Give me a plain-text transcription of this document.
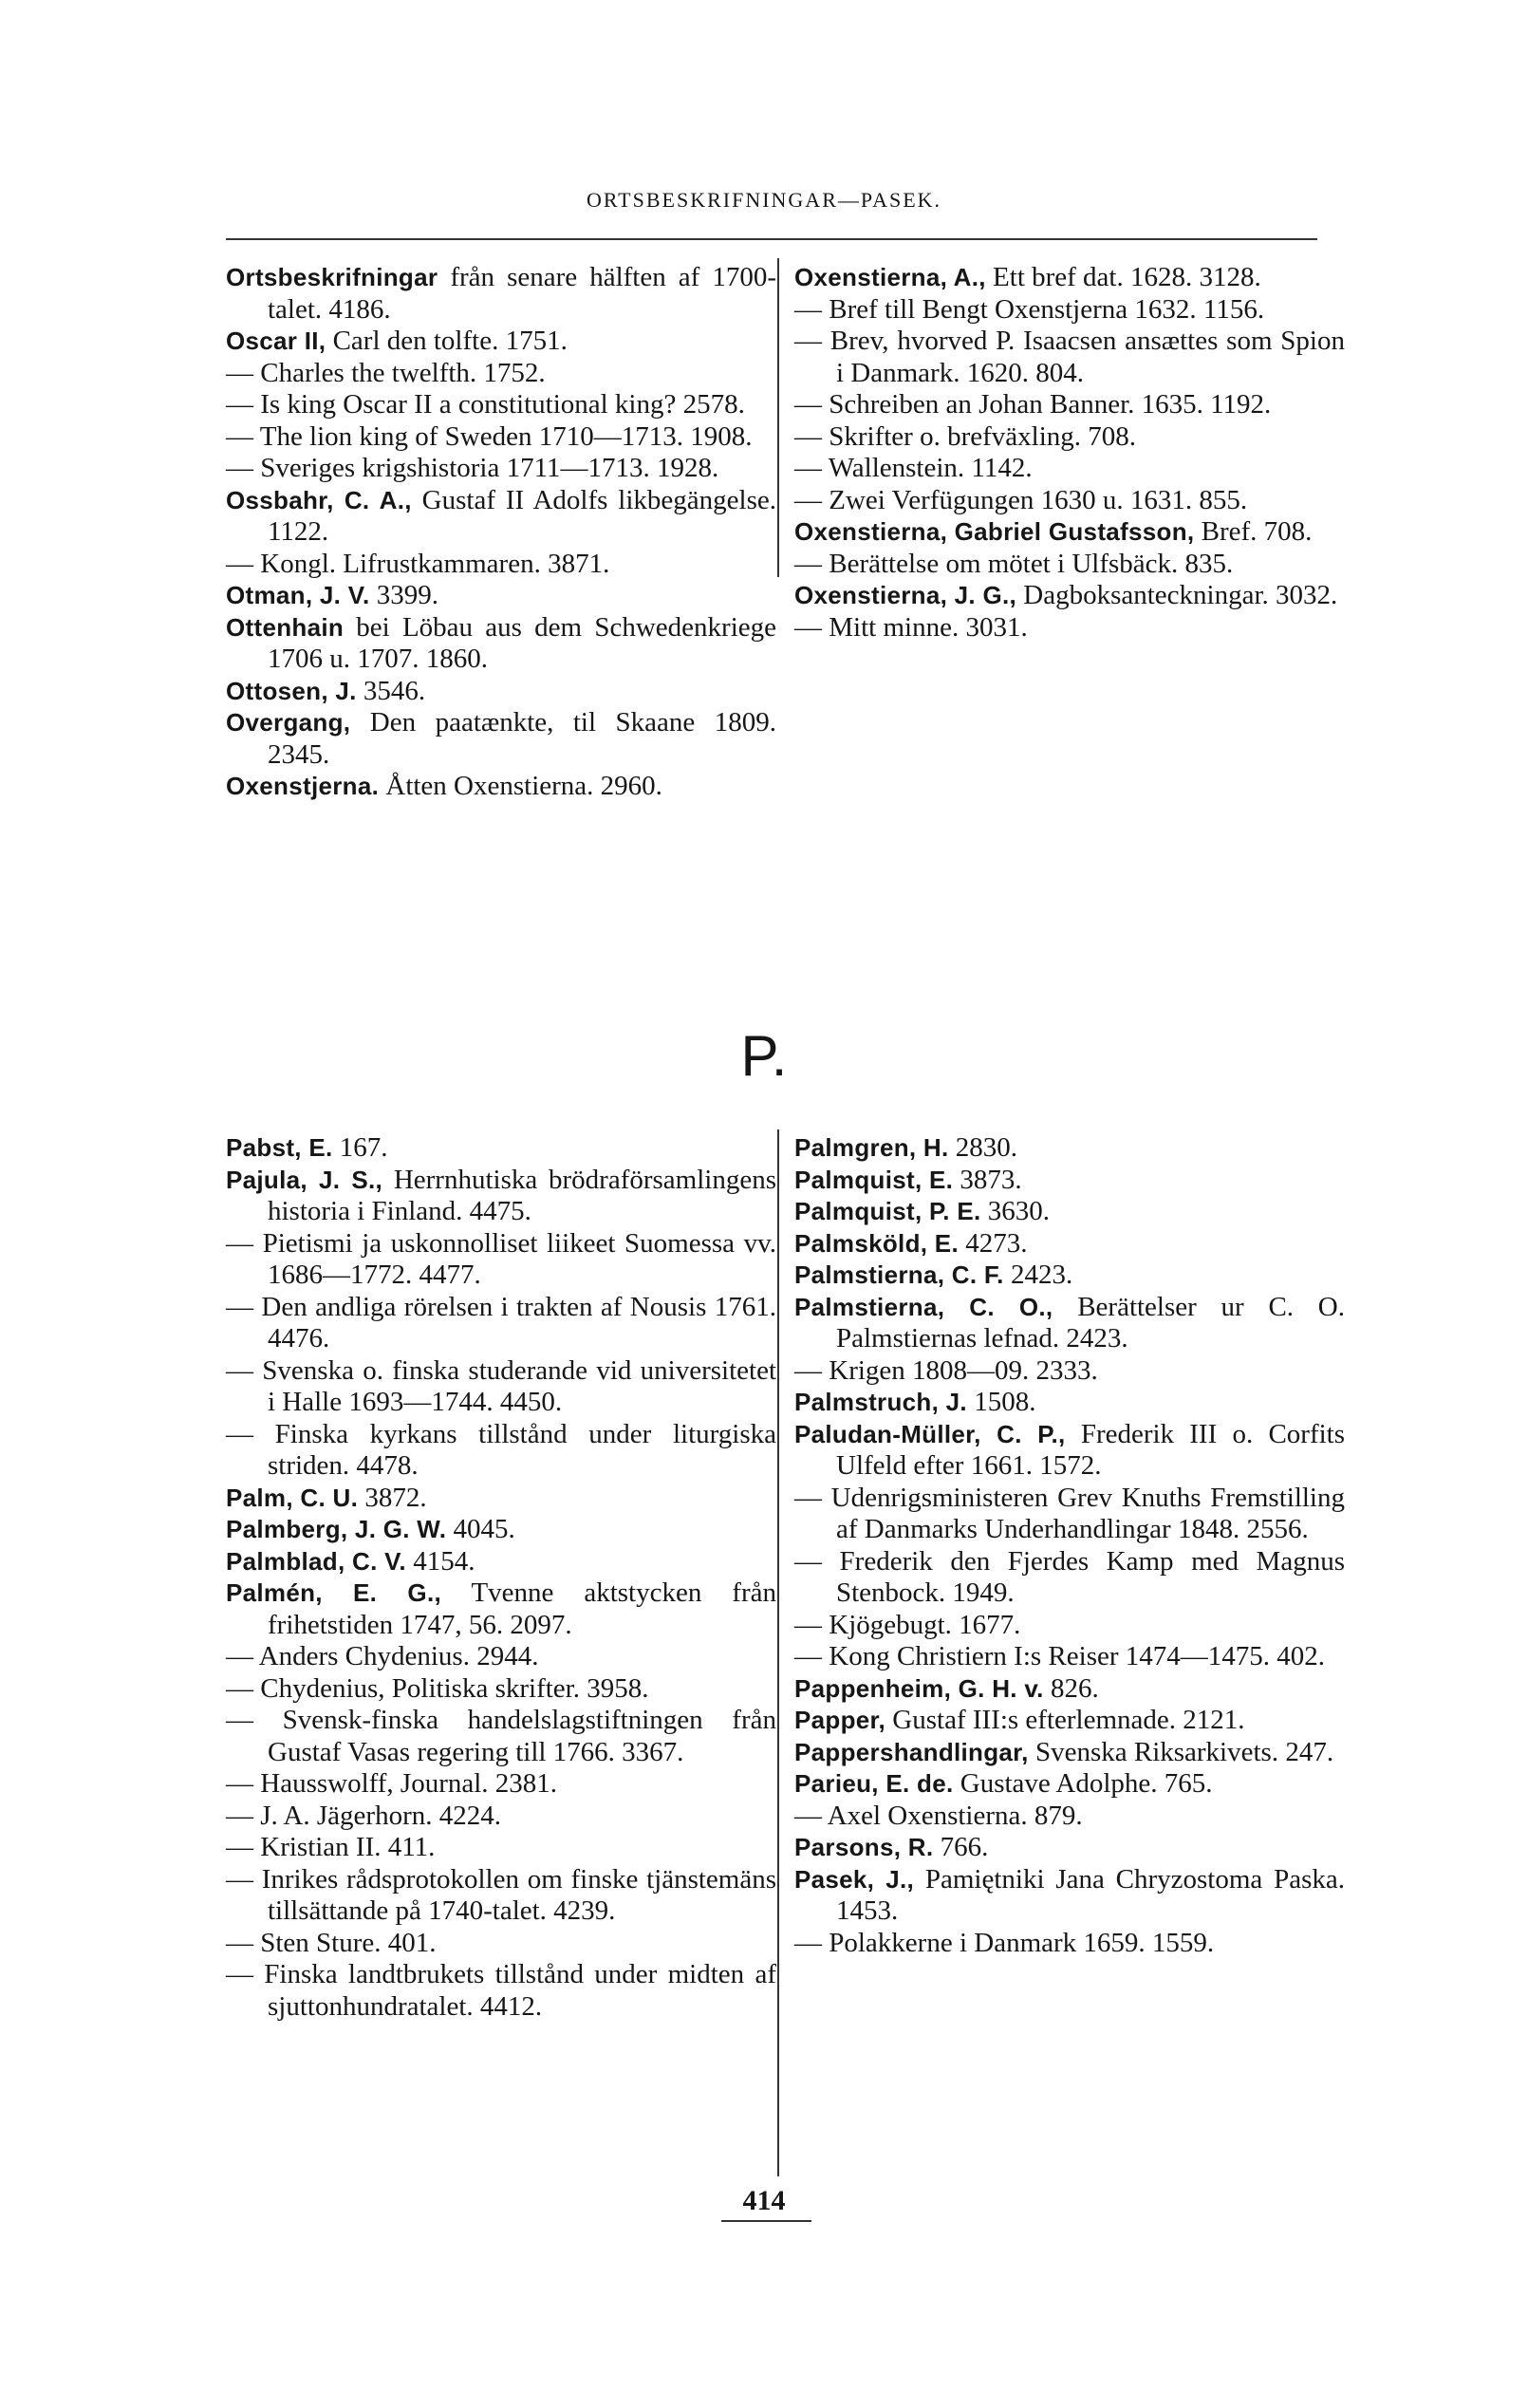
ORTSBESKRIFNINGAR—PASEK.

Ortsbeskrifningar från senare hälften af 1700-talet. 4186.

Oscar II, Carl den tolfte. 1751.

— Charles the twelfth. 1752.

— Is king Oscar II a constitutional king? 2578.

— The lion king of Sweden 1710—1713. 1908.

— Sveriges krigshistoria 1711—1713. 1928.

Ossbahr, C. A., Gustaf II Adolfs likbegängelse. 1122.

— Kongl. Lifrustkammaren. 3871.

Otman, J. V. 3399.

Ottenhain bei Löbau aus dem Schwedenkriege 1706 u. 1707. 1860.

Ottosen, J. 3546.

Overgang, Den paatænkte, til Skaane 1809. 2345.

Oxenstjerna. Åtten Oxenstierna. 2960.

Oxenstierna, A., Ett bref dat. 1628. 3128.

— Bref till Bengt Oxenstjerna 1632. 1156.

— Brev, hvorved P. Isaacsen ansættes som Spion i Danmark. 1620. 804.

— Schreiben an Johan Banner. 1635. 1192.

— Skrifter o. brefväxling. 708.

— Wallenstein. 1142.

— Zwei Verfügungen 1630 u. 1631. 855.

Oxenstierna, Gabriel Gustafsson, Bref. 708.

— Berättelse om mötet i Ulfsbäck. 835.

Oxenstierna, J. G., Dagboksanteckningar. 3032.

— Mitt minne. 3031.

P.

Pabst, E. 167.

Pajula, J. S., Herrnhutiska brödraförsamlingens historia i Finland. 4475.

— Pietismi ja uskonnolliset liikeet Suomessa vv. 1686—1772. 4477.

— Den andliga rörelsen i trakten af Nousis 1761. 4476.

— Svenska o. finska studerande vid universitetet i Halle 1693—1744. 4450.

— Finska kyrkans tillstånd under liturgiska striden. 4478.

Palm, C. U. 3872.

Palmberg, J. G. W. 4045.

Palmblad, C. V. 4154.

Palmén, E. G., Tvenne aktstycken från frihetstiden 1747, 56. 2097.

— Anders Chydenius. 2944.

— Chydenius, Politiska skrifter. 3958.

— Svensk-finska handelslagstiftningen från Gustaf Vasas regering till 1766. 3367.

— Hausswolff, Journal. 2381.

— J. A. Jägerhorn. 4224.

— Kristian II. 411.

— Inrikes rådsprotokollen om finske tjänstemäns tillsättande på 1740-talet. 4239.

— Sten Sture. 401.

— Finska landtbrukets tillstånd under midten af sjuttonhundratalet. 4412.

Palmgren, H. 2830.

Palmquist, E. 3873.

Palmquist, P. E. 3630.

Palmsköld, E. 4273.

Palmstierna, C. F. 2423.

Palmstierna, C. O., Berättelser ur C. O. Palmstiernas lefnad. 2423.

— Krigen 1808—09. 2333.

Palmstruch, J. 1508.

Paludan-Müller, C. P., Frederik III o. Corfits Ulfeld efter 1661. 1572.

— Udenrigsministeren Grev Knuths Fremstilling af Danmarks Underhandlingar 1848. 2556.

— Frederik den Fjerdes Kamp med Magnus Stenbock. 1949.

— Kjögebugt. 1677.

— Kong Christiern I:s Reiser 1474—1475. 402.

Pappenheim, G. H. v. 826.

Papper, Gustaf III:s efterlemnade. 2121.

Pappershandlingar, Svenska Riksarkivets. 247.

Parieu, E. de. Gustave Adolphe. 765.

— Axel Oxenstierna. 879.

Parsons, R. 766.

Pasek, J., Pamiętniki Jana Chryzostoma Paska. 1453.

— Polakkerne i Danmark 1659. 1559.

414
